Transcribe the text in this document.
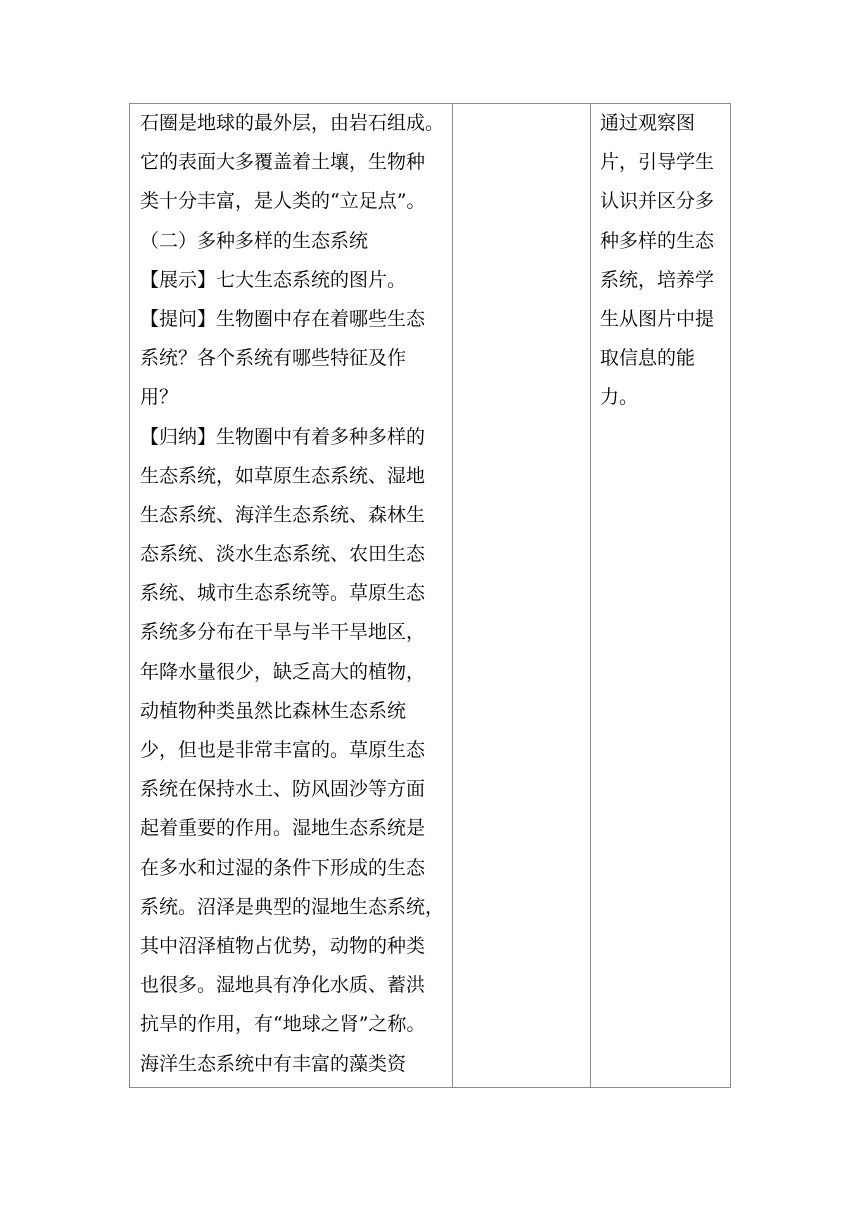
石圈是地球的最外层，由岩石组成。
它的表面大多覆盖着土壤，生物种
类十分丰富，是人类的“立足点”。
（二）多种多样的生态系统
【展示】七大生态系统的图片。
【提问】生物圈中存在着哪些生态
系统？各个系统有哪些特征及作
用？
【归纳】生物圈中有着多种多样的
生态系统，如草原生态系统、湿地
生态系统、海洋生态系统、森林生
态系统、淡水生态系统、农田生态
系统、城市生态系统等。草原生态
系统多分布在干旱与半干旱地区，
年降水量很少，缺乏高大的植物，
动植物种类虽然比森林生态系统
少，但也是非常丰富的。草原生态
系统在保持水土、防风固沙等方面
起着重要的作用。湿地生态系统是
在多水和过湿的条件下形成的生态
系统。沼泽是典型的湿地生态系统，
其中沼泽植物占优势，动物的种类
也很多。湿地具有净化水质、蓄洪
抗旱的作用，有“地球之肾”之称。
海洋生态系统中有丰富的藻类资
通过观察图
片，引导学生
认识并区分多
种多样的生态
系统，培养学
生从图片中提
取信息的能
力。
